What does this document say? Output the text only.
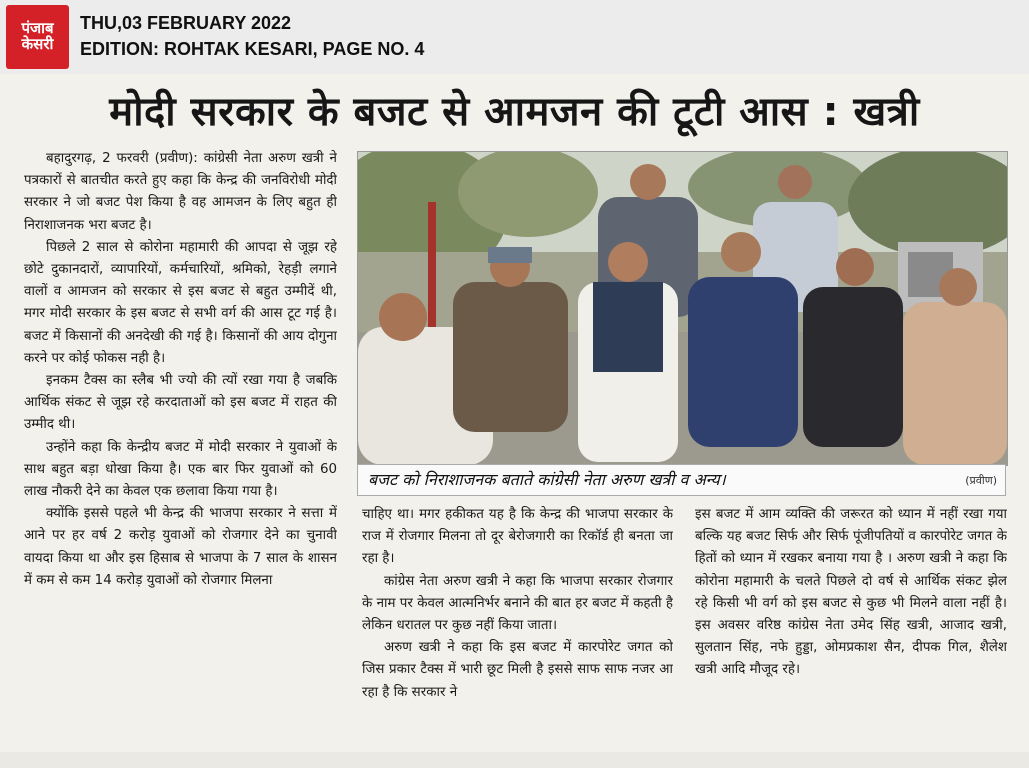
पंजाब
केसरी
THU,03 FEBRUARY 2022
EDITION: ROHTAK KESARI, PAGE NO. 4
मोदी सरकार के बजट से आमजन की टूटी आस : खत्री

बहादुरगढ़, 2 फरवरी (प्रवीण): कांग्रेसी नेता अरुण खत्री ने पत्रकारों से बातचीत करते हुए कहा कि केन्द्र की जनविरोधी मोदी सरकार ने जो बजट पेश किया है वह आमजन के लिए बहुत ही निराशाजनक भरा बजट है।

पिछले 2 साल से कोरोना महामारी की आपदा से जूझ रहे छोटे दुकानदारों, व्यापारियों, कर्मचारियों, श्रमिको, रेहड़ी लगाने वालों व आमजन को सरकार से इस बजट से बहुत उम्मीदें थी, मगर मोदी सरकार के इस बजट से सभी वर्ग की आस टूट गई है। बजट में किसानों की अनदेखी की गई है। किसानों की आय दोगुना करने पर कोई फोकस नही है।

इनकम टैक्स का स्लैब भी ज्यो की त्यों रखा गया है जबकि आर्थिक संकट से जूझ रहे करदाताओं को इस बजट में राहत की उम्मीद थी।

उन्होंने कहा कि केन्द्रीय बजट में मोदी सरकार ने युवाओं के साथ बहुत बड़ा धोखा किया है। एक बार फिर युवाओं को 60 लाख नौकरी देने का केवल एक छलावा किया गया है।

क्योंकि इससे पहले भी केन्द्र की भाजपा सरकार ने सत्ता में आने पर हर वर्ष 2 करोड़ युवाओं को रोजगार देने का चुनावी वायदा किया था और इस हिसाब से भाजपा के 7 साल के शासन में कम से कम 14 करोड़ युवाओं को रोजगार मिलना

बजट को निराशाजनक बताते कांग्रेसी नेता अरुण खत्री व अन्य।	(प्रवीण)

चाहिए था। मगर हकीकत यह है कि केन्द्र की भाजपा सरकार के राज में रोजगार मिलना तो दूर बेरोजगारी का रिकॉर्ड ही बनता जा रहा है।

कांग्रेस नेता अरुण खत्री ने कहा कि भाजपा सरकार रोजगार के नाम पर केवल आत्मनिर्भर बनाने की बात हर बजट में कहती है लेकिन धरातल पर कुछ नहीं किया जाता।

अरुण खत्री ने कहा कि इस बजट में कारपोरेट जगत को जिस प्रकार टैक्स में भारी छूट मिली है इससे साफ साफ नजर आ रहा है कि सरकार ने

इस बजट में आम व्यक्ति की जरूरत को ध्यान में नहीं रखा गया बल्कि यह बजट सिर्फ और सिर्फ पूंजीपतियों व कारपोरेट जगत के हितों को ध्यान में रखकर बनाया गया है । अरुण खत्री ने कहा कि कोरोना महामारी के चलते पिछले दो वर्ष से आर्थिक संकट झेल रहे किसी भी वर्ग को इस बजट से कुछ भी मिलने वाला नहीं है। इस अवसर वरिष्ठ कांग्रेस नेता उमेद सिंह खत्री, आजाद खत्री, सुलतान सिंह, नफे हुड्डा, ओमप्रकाश सैन, दीपक गिल, शैलेश खत्री आदि मौजूद रहे।
